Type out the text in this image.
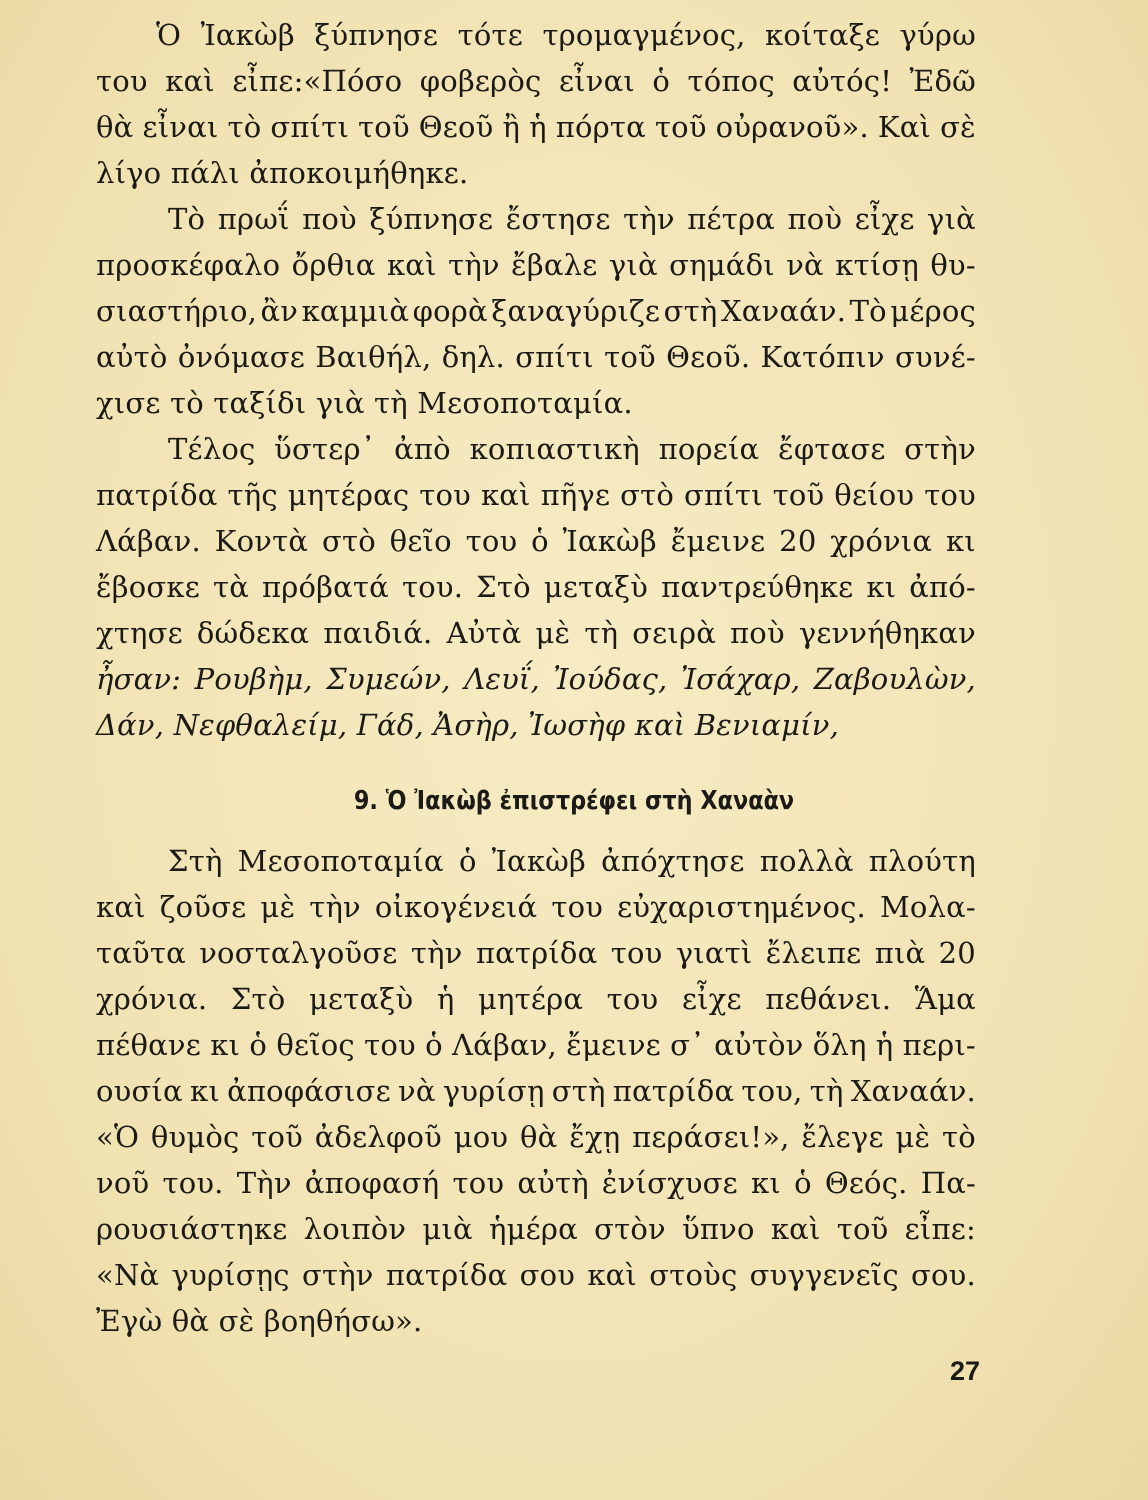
Ὁ Ἰακὼβ ξύπνησε τότε τρομαγμένος, κοίταξε γύρω
του καὶ εἶπε:«Πόσο φοβερὸς εἶναι ὁ τόπος αὐτός! Ἐδῶ
θὰ εἶναι τὸ σπίτι τοῦ Θεοῦ ἢ ἡ πόρτα τοῦ οὐρανοῦ». Καὶ σὲ
λίγο πάλι ἀποκοιμήθηκε.
Τὸ πρωΐ ποὺ ξύπνησε ἔστησε τὴν πέτρα ποὺ εἶχε γιὰ
προσκέφαλο ὄρθια καὶ τὴν ἔβαλε γιὰ σημάδι νὰ κτίσῃ θυ-
σιαστήριο, ἂν καμμιὰ φορὰ ξαναγύριζε στὴ Χαναάν. Τὸ μέρος
αὐτὸ ὀνόμασε Βαιθήλ, δηλ. σπίτι τοῦ Θεοῦ. Κατόπιν συνέ-
χισε τὸ ταξίδι γιὰ τὴ Μεσοποταμία.
Τέλος ὕστερ᾽ ἀπὸ κοπιαστικὴ πορεία ἔφτασε στὴν
πατρίδα τῆς μητέρας του καὶ πῆγε στὸ σπίτι τοῦ θείου του
Λάβαν. Κοντὰ στὸ θεῖο του ὁ Ἰακὼβ ἔμεινε 20 χρόνια κι
ἔβοσκε τὰ πρόβατά του. Στὸ μεταξὺ παντρεύθηκε κι ἀπό-
χτησε δώδεκα παιδιά. Αὐτὰ μὲ τὴ σειρὰ ποὺ γεννήθηκαν
ἦσαν: Ρουβὴμ, Συμεών, Λευΐ, Ἰούδας, Ἰσάχαρ, Ζαβουλὼν,
Δάν, Νεφθαλείμ, Γάδ, Ἀσὴρ, Ἰωσὴφ καὶ Βενιαμίν,
9. Ὁ Ἰακὼβ ἐπιστρέφει στὴ Χαναὰν
Στὴ Μεσοποταμία ὁ Ἰακὼβ ἀπόχτησε πολλὰ πλούτη
καὶ ζοῦσε μὲ τὴν οἰκογένειά του εὐχαριστημένος. Μολα-
ταῦτα νοσταλγοῦσε τὴν πατρίδα του γιατὶ ἔλειπε πιὰ 20
χρόνια. Στὸ μεταξὺ ἡ μητέρα του εἶχε πεθάνει. Ἅμα
πέθανε κι ὁ θεῖος του ὁ Λάβαν, ἔμεινε σ᾽ αὐτὸν ὅλη ἡ περι-
ουσία κι ἀποφάσισε νὰ γυρίσῃ στὴ πατρίδα του, τὴ Χαναάν.
«Ὁ θυμὸς τοῦ ἀδελφοῦ μου θὰ ἔχῃ περάσει!», ἔλεγε μὲ τὸ
νοῦ του. Τὴν ἀποφασή του αὐτὴ ἐνίσχυσε κι ὁ Θεός. Πα-
ρουσιάστηκε λοιπὸν μιὰ ἡμέρα στὸν ὕπνο καὶ τοῦ εἶπε:
«Νὰ γυρίσῃς στὴν πατρίδα σου καὶ στοὺς συγγενεῖς σου.
Ἐγὼ θὰ σὲ βοηθήσω».
27
